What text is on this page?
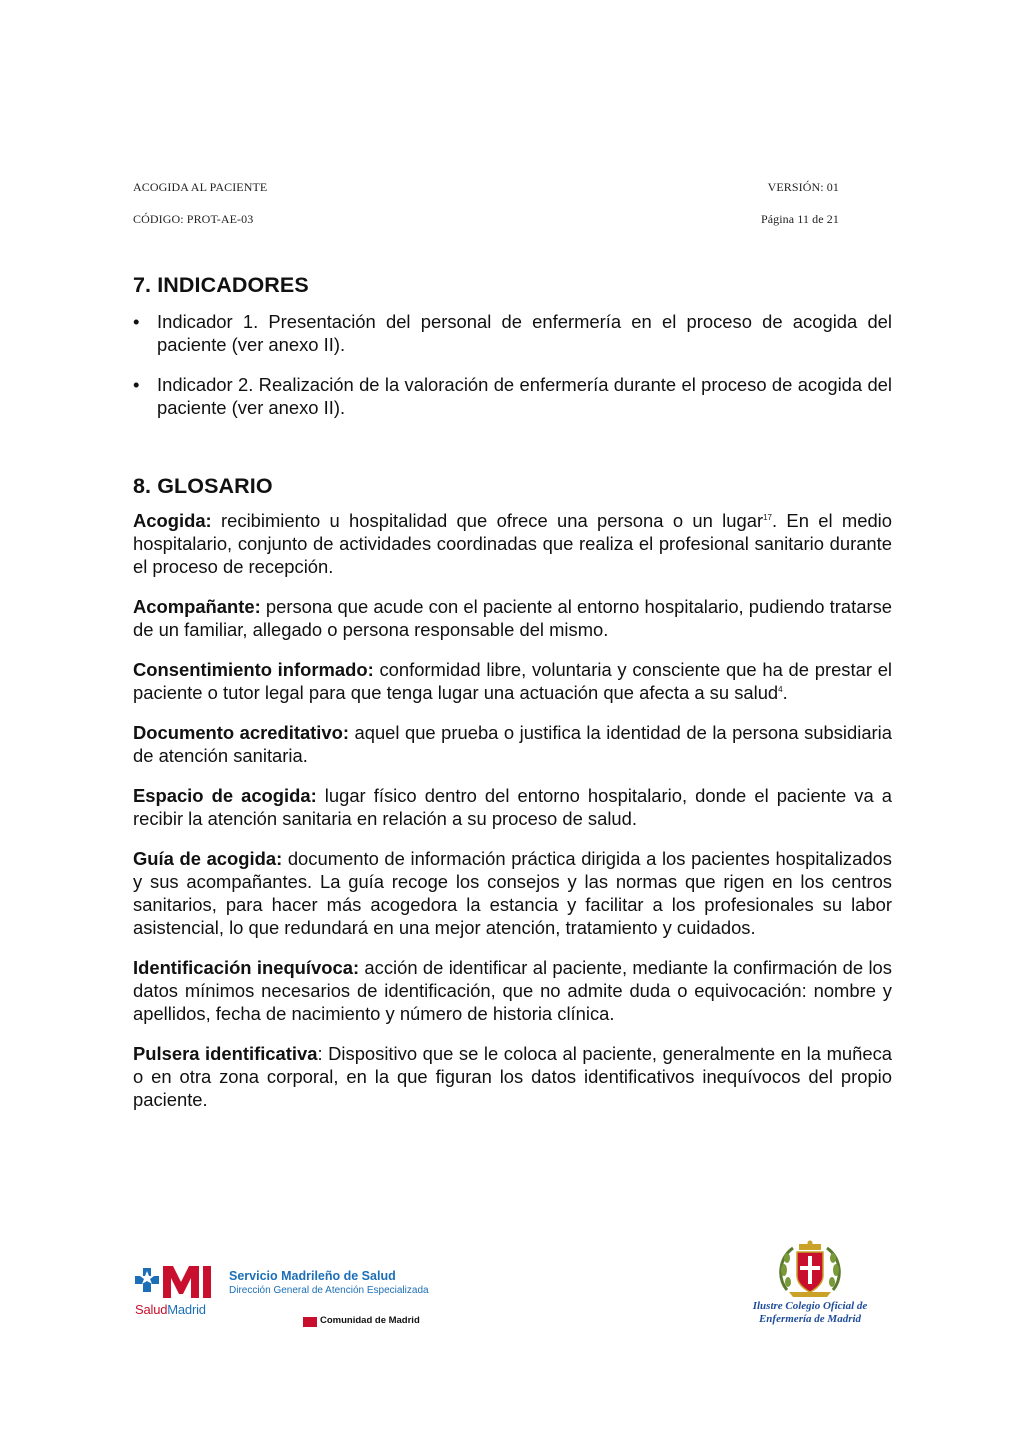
ACOGIDA AL PACIENTE	VERSIÓN: 01
CÓDIGO: PROT-AE-03	Página 11 de 21
7. INDICADORES
• Indicador 1. Presentación del personal de enfermería en el proceso de acogida del paciente (ver anexo II).
• Indicador 2. Realización de la valoración de enfermería durante el proceso de acogida del paciente (ver anexo II).
8. GLOSARIO

Acogida: recibimiento u hospitalidad que ofrece una persona o un lugar$^{17}$. En el medio hospitalario, conjunto de actividades coordinadas que realiza el profesional sanitario durante el proceso de recepción.

Acompañante: persona que acude con el paciente al entorno hospitalario, pudiendo tratarse de un familiar, allegado o persona responsable del mismo.

Consentimiento informado: conformidad libre, voluntaria y consciente que ha de prestar el paciente o tutor legal para que tenga lugar una actuación que afecta a su salud$^4$.

Documento acreditativo: aquel que prueba o justifica la identidad de la persona subsidiaria de atención sanitaria.

Espacio de acogida: lugar físico dentro del entorno hospitalario, donde el paciente va a recibir la atención sanitaria en relación a su proceso de salud.

Guía de acogida: documento de información práctica dirigida a los pacientes hospitalizados y sus acompañantes. La guía recoge los consejos y las normas que rigen en los centros sanitarios, para hacer más acogedora la estancia y facilitar a los profesionales su labor asistencial, lo que redundará en una mejor atención, tratamiento y cuidados.

Identificación inequívoca: acción de identificar al paciente, mediante la confirmación de los datos mínimos necesarios de identificación, que no admite duda o equivocación: nombre y apellidos, fecha de nacimiento y número de historia clínica.

Pulsera identificativa: Dispositivo que se le coloca al paciente, generalmente en la muñeca o en otra zona corporal, en la que figuran los datos identificativos inequívocos del propio paciente.

SaludMadrid
Servicio Madrileño de Salud
Dirección General de Atención Especializada
Comunidad de Madrid
Ilustre Colegio Oficial de
Enfermería de Madrid
